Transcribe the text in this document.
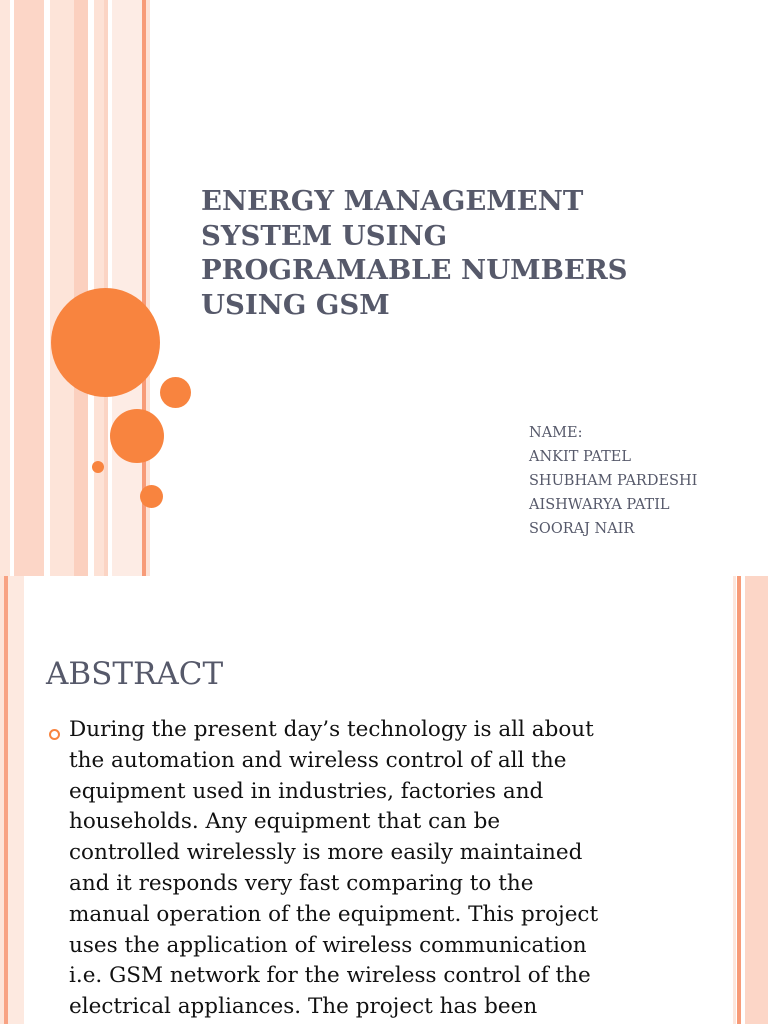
ENERGY MANAGEMENT
SYSTEM USING
PROGRAMABLE NUMBERS
USING GSM
NAME:
ANKIT PATEL
SHUBHAM PARDESHI
AISHWARYA PATIL
SOORAJ NAIR
ABSTRACT

During the present day’s technology is all about
the automation and wireless control of all the
equipment used in industries, factories and
households. Any equipment that can be
controlled wirelessly is more easily maintained
and it responds very fast comparing to the
manual operation of the equipment. This project
uses the application of wireless communication
i.e. GSM network for the wireless control of the
electrical appliances. The project has been
